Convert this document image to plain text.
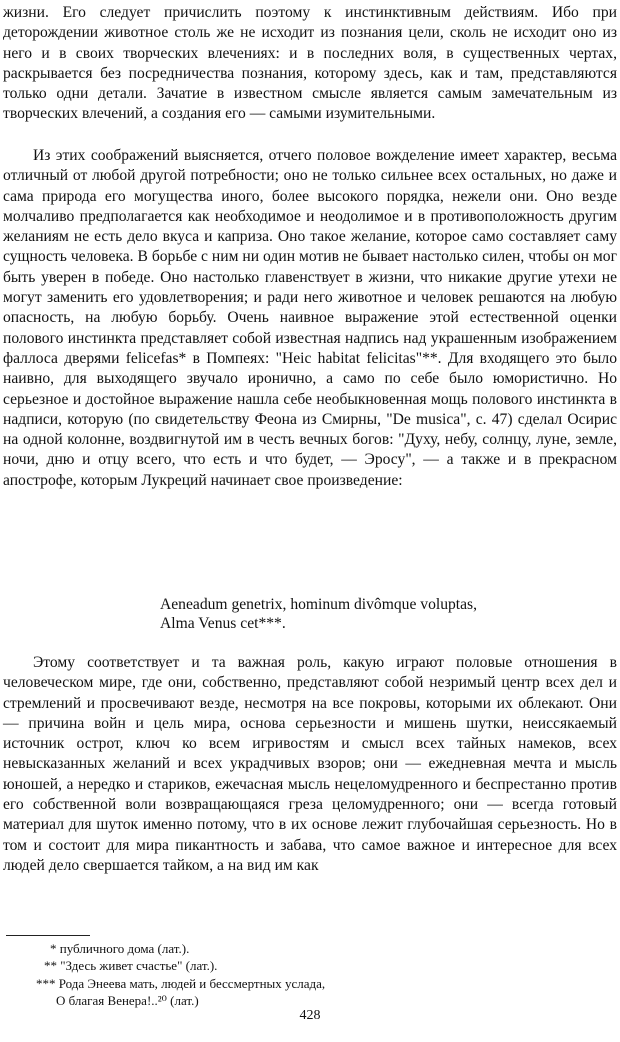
жизни. Его следует причислить поэтому к инстинктивным действиям. Ибо при деторождении животное столь же не исходит из познания цели, сколь не исходит оно из него и в своих творческих влечениях: и в последних воля, в существенных чертах, раскрывается без посредничества познания, которому здесь, как и там, представляются только одни детали. Зачатие в известном смысле является самым замечательным из творческих влечений, а создания его — самыми изумительными.

Из этих соображений выясняется, отчего половое вожделение имеет характер, весьма отличный от любой другой потребности; оно не только сильнее всех остальных, но даже и сама природа его могущества иного, более высокого порядка, нежели они. Оно везде молчаливо предполагается как необходимое и неодолимое и в противоположность другим желаниям не есть дело вкуса и каприза. Оно такое желание, которое само составляет саму сущность человека. В борьбе с ним ни один мотив не бывает настолько силен, чтобы он мог быть уверен в победе. Оно настолько главенствует в жизни, что никакие другие утехи не могут заменить его удовлетворения; и ради него животное и человек решаются на любую опасность, на любую борьбу. Очень наивное выражение этой естественной оценки полового инстинкта представляет собой известная надпись над украшенным изображением фаллоса дверями felicefas* в Помпеях: "Heic habitat felicitas"**. Для входящего это было наивно, для выходящего звучало иронично, а само по себе было юмористично. Но серьезное и достойное выражение нашла себе необыкновенная мощь полового инстинкта в надписи, которую (по свидетельству Феона из Смирны, "De musica", с. 47) сделал Осирис на одной колонне, воздвигнутой им в честь вечных богов: "Духу, небу, солнцу, луне, земле, ночи, дню и отцу всего, что есть и что будет, — Эросу", — а также и в прекрасном апострофе, которым Лукреций начинает свое произведение:

Aeneadum genetrix, hominum divômque voluptas,
Alma Venus cet***.

Этому соответствует и та важная роль, какую играют половые отношения в человеческом мире, где они, собственно, представляют собой незримый центр всех дел и стремлений и просвечивают везде, несмотря на все покровы, которыми их облекают. Они — причина войн и цель мира, основа серьезности и мишень шутки, неиссякаемый источник острот, ключ ко всем игривостям и смысл всех тайных намеков, всех невысказанных желаний и всех украдчивых взоров; они — ежедневная мечта и мысль юношей, а нередко и стариков, ежечасная мысль нецеломудренного и беспрестанно против его собственной воли возвращающаяся греза целомудренного; они — всегда готовый материал для шуток именно потому, что в их основе лежит глубочайшая серьезность. Но в том и состоит для мира пикантность и забава, что самое важное и интересное для всех людей дело свершается тайком, а на вид им как

* публичного дома (лат.).
** "Здесь живет счастье" (лат.).
*** Рода Энеева мать, людей и бессмертных услада,
О благая Венера!..²⁰ (лат.)
428
